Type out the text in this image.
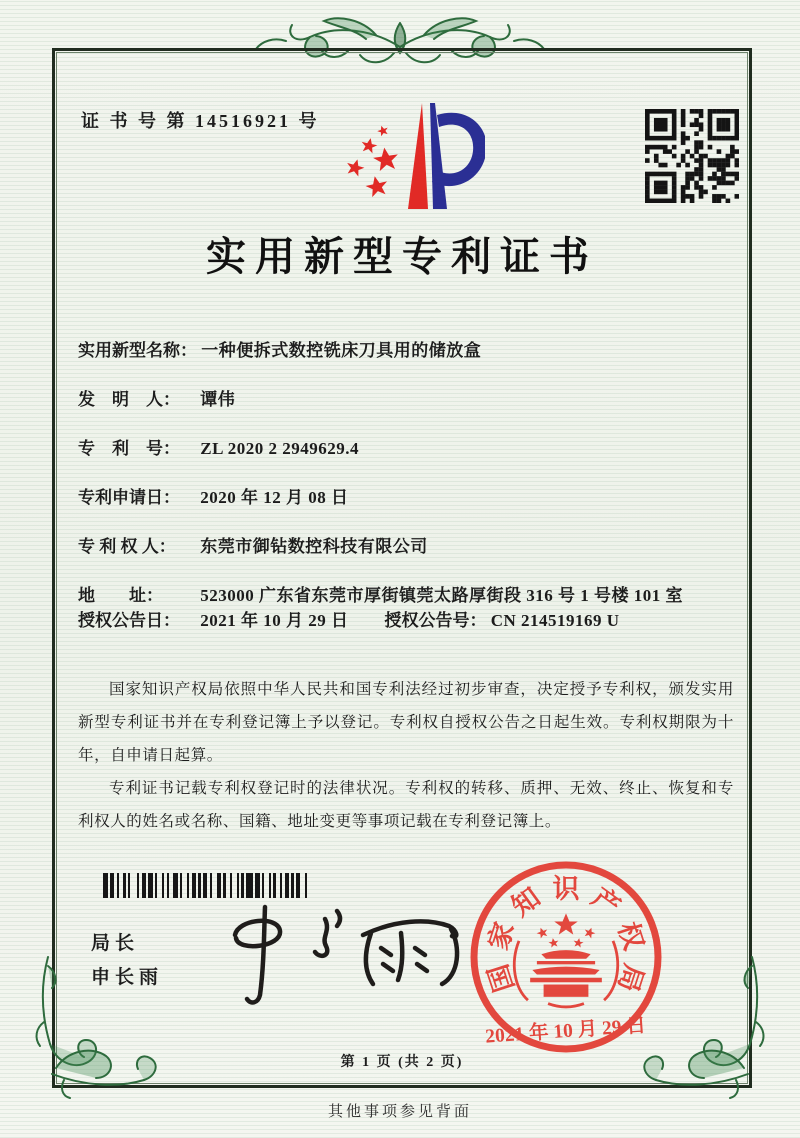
证 书 号 第 14516921 号
实用新型专利证书
实用新型名称： 一种便拆式数控铣床刀具用的储放盒
发　明　人： 谭伟
专　利　号： ZL 2020 2 2949629.4
专利申请日： 2020 年 12 月 08 日
专 利 权 人： 东莞市御钻数控科技有限公司
地　　址： 523000 广东省东莞市厚街镇莞太路厚街段 316 号 1 号楼 101 室
授权公告日： 2021 年 10 月 29 日 授权公告号： CN 214519169 U

国家知识产权局依照中华人民共和国专利法经过初步审查，决定授予专利权，颁发实用新型专利证书并在专利登记簿上予以登记。专利权自授权公告之日起生效。专利权期限为十年，自申请日起算。

专利证书记载专利权登记时的法律状况。专利权的转移、质押、无效、终止、恢复和专利权人的姓名或名称、国籍、地址变更等事项记载在专利登记簿上。

局长
申长雨	国
家
知 识 产
权
局
2021 年 10 月 29 日
第 1 页 (共 2 页)
其他事项参见背面
